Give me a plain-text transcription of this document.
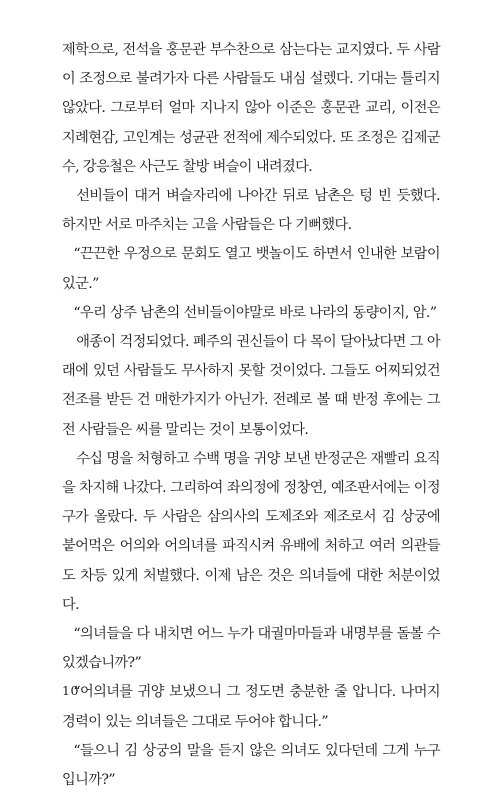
제학으로, 전석을 홍문관 부수찬으로 삼는다는 교지였다. 두 사람이 조정으로 불려가자 다른 사람들도 내심 설렜다. 기대는 틀리지 않았다. 그로부터 얼마 지나지 않아 이준은 홍문관 교리, 이전은 지례현감, 고인계는 성균관 전적에 제수되었다. 또 조정은 김제군수, 강응철은 사근도 찰방 벼슬이 내려졌다.

선비들이 대거 벼슬자리에 나아간 뒤로 남촌은 텅 빈 듯했다. 하지만 서로 마주치는 고을 사람들은 다 기뻐했다.

“끈끈한 우정으로 문회도 열고 뱃놀이도 하면서 인내한 보람이 있군.”

“우리 상주 남촌의 선비들이야말로 바로 나라의 동량이지, 암.”

애종이 걱정되었다. 폐주의 권신들이 다 목이 달아났다면 그 아래에 있던 사람들도 무사하지 못할 것이었다. 그들도 어찌되었건 전조를 받든 건 매한가지가 아닌가. 전례로 볼 때 반정 후에는 그 전 사람들은 씨를 말리는 것이 보통이었다.

수십 명을 처형하고 수백 명을 귀양 보낸 반정군은 재빨리 요직을 차지해 나갔다. 그리하여 좌의정에 정창연, 예조판서에는 이정구가 올랐다. 두 사람은 삼의사의 도제조와 제조로서 김 상궁에 붙어먹은 어의와 어의녀를 파직시켜 유배에 처하고 여러 의관들도 차등 있게 처벌했다. 이제 남은 것은 의녀들에 대한 처분이었다.

“의녀들을 다 내치면 어느 누가 대궐마마들과 내명부를 돌볼 수 있겠습니까?”

“어의녀를 귀양 보냈으니 그 정도면 충분한 줄 압니다. 나머지 경력이 있는 의녀들은 그대로 두어야 합니다.”

“들으니 김 상궁의 말을 듣지 않은 의녀도 있다던데 그게 누구입니까?”

10
